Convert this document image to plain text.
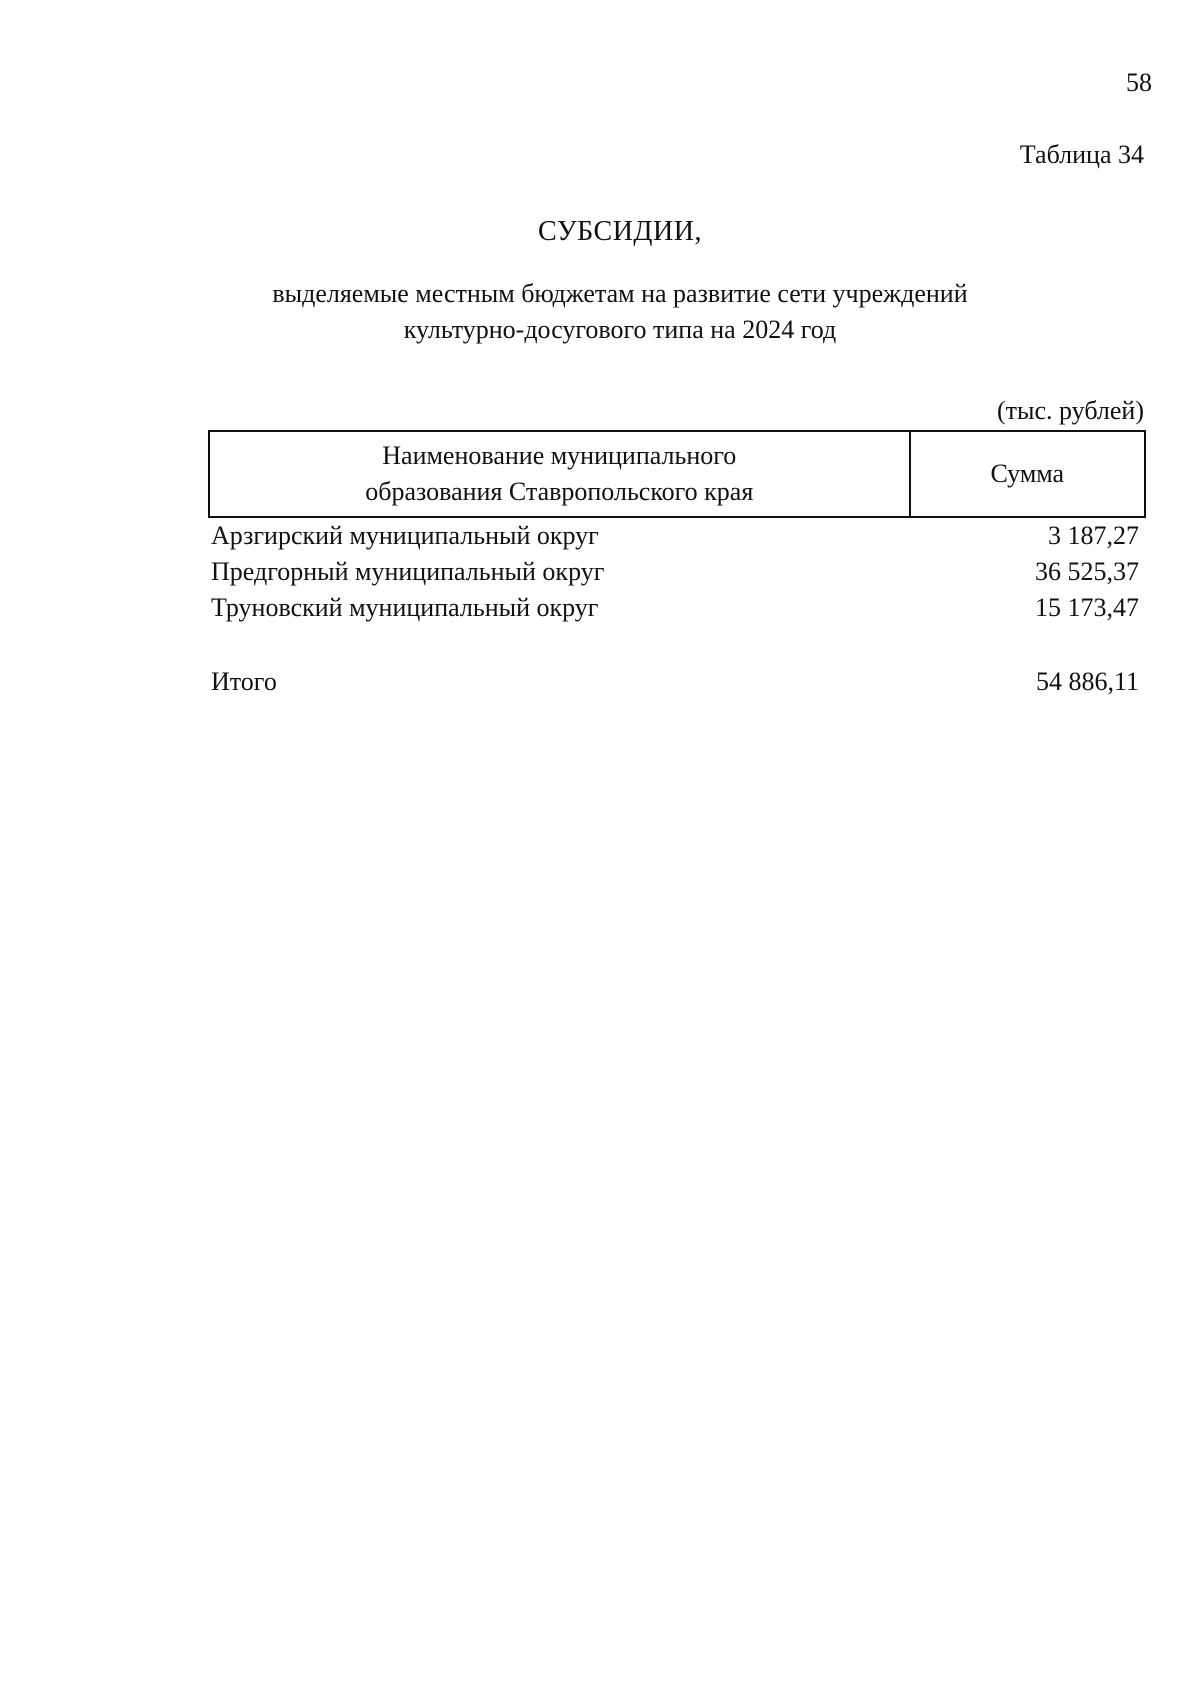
58
Таблица 34
СУБСИДИИ,
выделяемые местным бюджетам на развитие сети учреждений
культурно-досугового типа на 2024 год
(тыс. рублей)
Наименование муниципального
образования Ставропольского края	Сумма
Арзгирский муниципальный округ	3 187,27
Предгорный муниципальный округ	36 525,37
Труновский муниципальный округ	15 173,47

Итого	54 886,11
